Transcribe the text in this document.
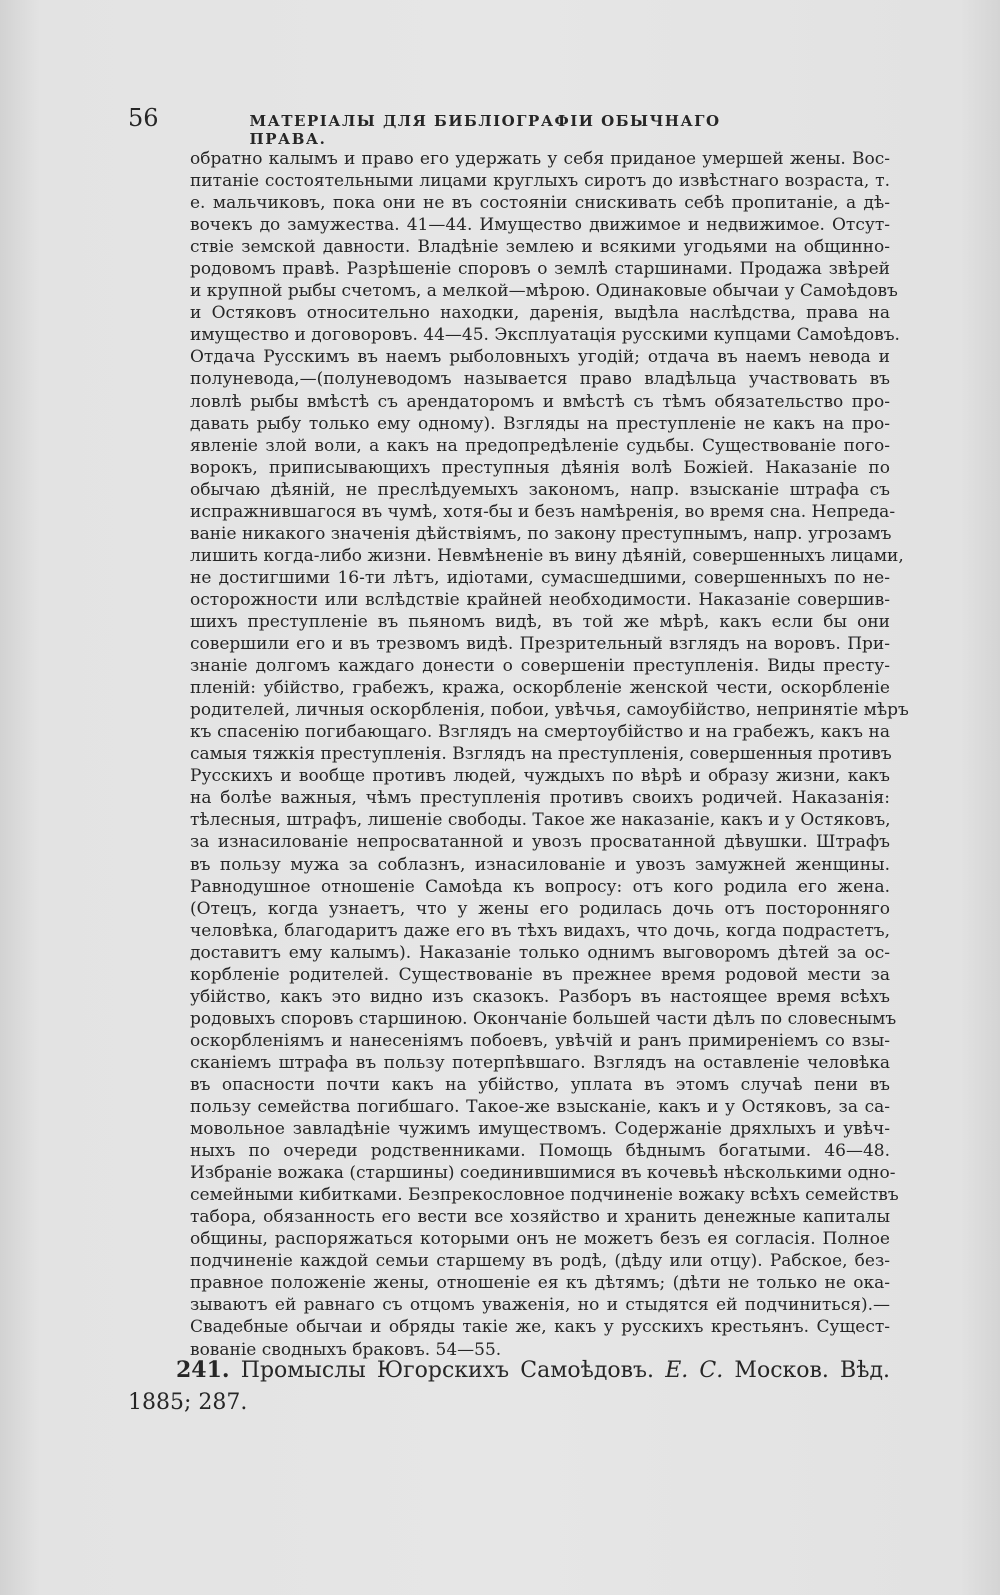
56	МАТЕРІАЛЫ ДЛЯ БИБЛІОГРАФІИ ОБЫЧНАГО ПРАВА.
обратно калымъ и право его удержать у себя приданое умершей жены. Вос-
питаніе состоятельными лицами круглыхъ сиротъ до извѣстнаго возраста, т.
е. мальчиковъ, пока они не въ состояніи снискивать себѣ пропитаніе, а дѣ-
вочекъ до замужества. 41—44. Имущество движимое и недвижимое. Отсут-
ствіе земской давности. Владѣніе землею и всякими угодьями на общинно-
родовомъ правѣ. Разрѣшеніе споровъ о землѣ старшинами. Продажа звѣрей
и крупной рыбы счетомъ, а мелкой—мѣрою. Одинаковые обычаи у Самоѣдовъ
и Остяковъ относительно находки, даренія, выдѣла наслѣдства, права на
имущество и договоровъ. 44—45. Эксплуатація русскими купцами Самоѣдовъ.
Отдача Русскимъ въ наемъ рыболовныхъ угодій; отдача въ наемъ невода и
полуневода,—(полуневодомъ называется право владѣльца участвовать въ
ловлѣ рыбы вмѣстѣ съ арендаторомъ и вмѣстѣ съ тѣмъ обязательство про-
давать рыбу только ему одному). Взгляды на преступленіе не какъ на про-
явленіе злой воли, а какъ на предопредѣленіе судьбы. Существованіе пого-
ворокъ, приписывающихъ преступныя дѣянія волѣ Божіей. Наказаніе по
обычаю дѣяній, не преслѣдуемыхъ закономъ, напр. взысканіе штрафа съ
испражнившагося въ чумѣ, хотя-бы и безъ намѣренія, во время сна. Непреда-
ваніе никакого значенія дѣйствіямъ, по закону преступнымъ, напр. угрозамъ
лишить когда-либо жизни. Невмѣненіе въ вину дѣяній, совершенныхъ лицами,
не достигшими 16-ти лѣтъ, идіотами, сумасшедшими, совершенныхъ по не-
осторожности или вслѣдствіе крайней необходимости. Наказаніе совершив-
шихъ преступленіе въ пьяномъ видѣ, въ той же мѣрѣ, какъ если бы они
совершили его и въ трезвомъ видѣ. Презрительный взглядъ на воровъ. При-
знаніе долгомъ каждаго донести о совершеніи преступленія. Виды престу-
пленій: убійство, грабежъ, кража, оскорбленіе женской чести, оскорбленіе
родителей, личныя оскорбленія, побои, увѣчья, самоубійство, непринятіе мѣръ
къ спасенію погибающаго. Взглядъ на смертоубійство и на грабежъ, какъ на
самыя тяжкія преступленія. Взглядъ на преступленія, совершенныя противъ
Русскихъ и вообще противъ людей, чуждыхъ по вѣрѣ и образу жизни, какъ
на болѣе важныя, чѣмъ преступленія противъ своихъ родичей. Наказанія:
тѣлесныя, штрафъ, лишеніе свободы. Такое же наказаніе, какъ и у Остяковъ,
за изнасилованіе непросватанной и увозъ просватанной дѣвушки. Штрафъ
въ пользу мужа за соблазнъ, изнасилованіе и увозъ замужней женщины.
Равнодушное отношеніе Самоѣда къ вопросу: отъ кого родила его жена.
(Отецъ, когда узнаетъ, что у жены его родилась дочь отъ посторонняго
человѣка, благодаритъ даже его въ тѣхъ видахъ, что дочь, когда подрастетъ,
доставитъ ему калымъ). Наказаніе только однимъ выговоромъ дѣтей за ос-
корбленіе родителей. Существованіе въ прежнее время родовой мести за
убійство, какъ это видно изъ сказокъ. Разборъ въ настоящее время всѣхъ
родовыхъ споровъ старшиною. Окончаніе большей части дѣлъ по словеснымъ
оскорбленіямъ и нанесеніямъ побоевъ, увѣчій и ранъ примиреніемъ со взы-
сканіемъ штрафа въ пользу потерпѣвшаго. Взглядъ на оставленіе человѣка
въ опасности почти какъ на убійство, уплата въ этомъ случаѣ пени въ
пользу семейства погибшаго. Такое-же взысканіе, какъ и у Остяковъ, за са-
мовольное завладѣніе чужимъ имуществомъ. Содержаніе дряхлыхъ и увѣч-
ныхъ по очереди родственниками. Помощь бѣднымъ богатыми. 46—48.
Избраніе вожака (старшины) соединившимися въ кочевьѣ нѣсколькими одно-
семейными кибитками. Безпрекословное подчиненіе вожаку всѣхъ семействъ
табора, обязанность его вести все хозяйство и хранить денежные капиталы
общины, распоряжаться которыми онъ не можетъ безъ ея согласія. Полное
подчиненіе каждой семьи старшему въ родѣ, (дѣду или отцу). Рабское, без-
правное положеніе жены, отношеніе ея къ дѣтямъ; (дѣти не только не ока-
зываютъ ей равнаго съ отцомъ уваженія, но и стыдятся ей подчиниться).—
Свадебные обычаи и обряды такіе же, какъ у русскихъ крестьянъ. Сущест-
вованіе сводныхъ браковъ. 54—55.
241. Промыслы Югорскихъ Самоѣдовъ. Е. С. Москов. Вѣд.
1885; 287.
